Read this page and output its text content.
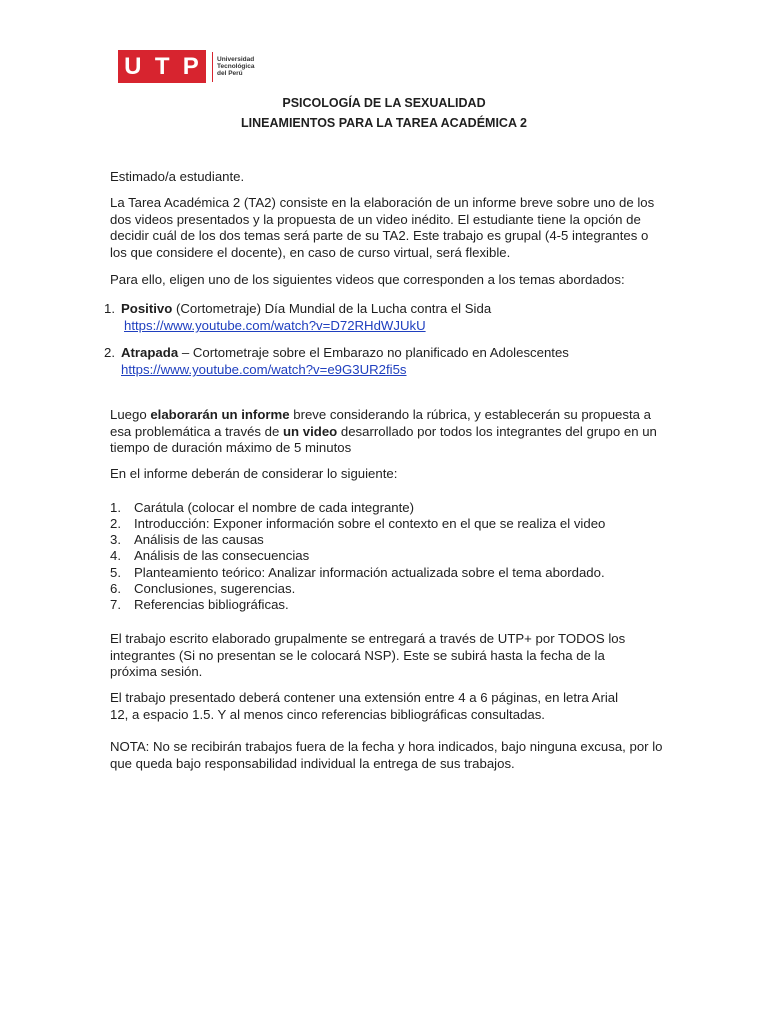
U T P	Universidad
Tecnológica
del Perú
PSICOLOGÍA DE LA SEXUALIDAD
LINEAMIENTOS PARA LA TAREA ACADÉMICA 2

Estimado/a estudiante.

La Tarea Académica 2 (TA2) consiste en la elaboración de un informe breve sobre uno de los dos videos presentados y la propuesta de un video inédito. El estudiante tiene la opción de decidir cuál de los dos temas será parte de su TA2. Este trabajo es grupal (4-5 integrantes o los que considere el docente), en caso de curso virtual, será flexible.

Para ello, eligen uno de los siguientes videos que corresponden a los temas abordados:

1. Positivo (Cortometraje) Día Mundial de la Lucha contra el Sida
https://www.youtube.com/watch?v=D72RHdWJUkU
2. Atrapada – Cortometraje sobre el Embarazo no planificado en Adolescentes
https://www.youtube.com/watch?v=e9G3UR2fi5s

Luego elaborarán un informe breve considerando la rúbrica, y establecerán su propuesta a esa problemática a través de un video desarrollado por todos los integrantes del grupo en un tiempo de duración máximo de 5 minutos

En el informe deberán de considerar lo siguiente:

1. Carátula (colocar el nombre de cada integrante)
2. Introducción: Exponer información sobre el contexto en el que se realiza el video
3. Análisis de las causas
4. Análisis de las consecuencias
5. Planteamiento teórico: Analizar información actualizada sobre el tema abordado.
6. Conclusiones, sugerencias.
7. Referencias bibliográficas.

El trabajo escrito elaborado grupalmente se entregará a través de UTP+ por TODOS los integrantes (Si no presentan se le colocará NSP). Este se subirá hasta la fecha de la próxima sesión.

El trabajo presentado deberá contener una extensión entre 4 a 6 páginas, en letra Arial

12, a espacio 1.5. Y al menos cinco referencias bibliográficas consultadas.

NOTA: No se recibirán trabajos fuera de la fecha y hora indicados, bajo ninguna excusa, por lo que queda bajo responsabilidad individual la entrega de sus trabajos.
